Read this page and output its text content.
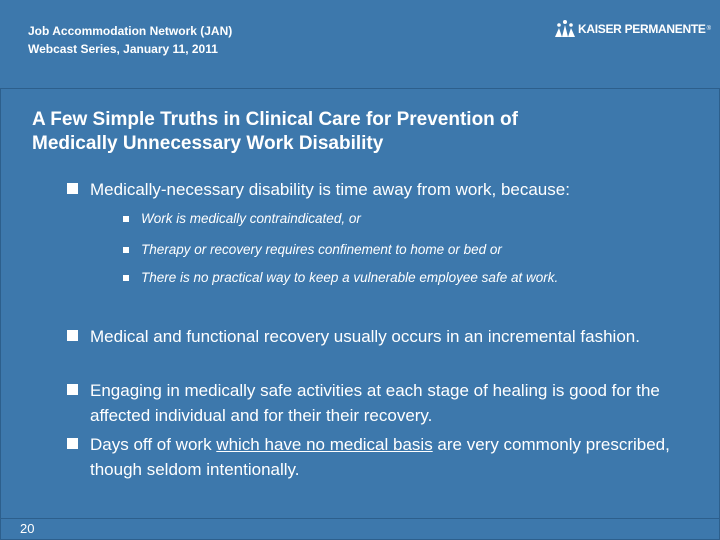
Job Accommodation Network (JAN)
Webcast Series, January 11, 2011
KAISER PERMANENTE ®
A Few Simple Truths in Clinical Care for Prevention of
Medically Unnecessary Work Disability
Medically-necessary disability is time away from work, because:
Work is medically contraindicated, or
Therapy or recovery requires confinement to home or bed or
There is no practical way to keep a vulnerable employee safe at work.
Medical and functional recovery usually occurs in an incremental fashion.
Engaging in medically safe activities at each stage of healing is good for the affected individual and for their their recovery.
Days off of work which have no medical basis are very commonly prescribed, though seldom intentionally.
20
